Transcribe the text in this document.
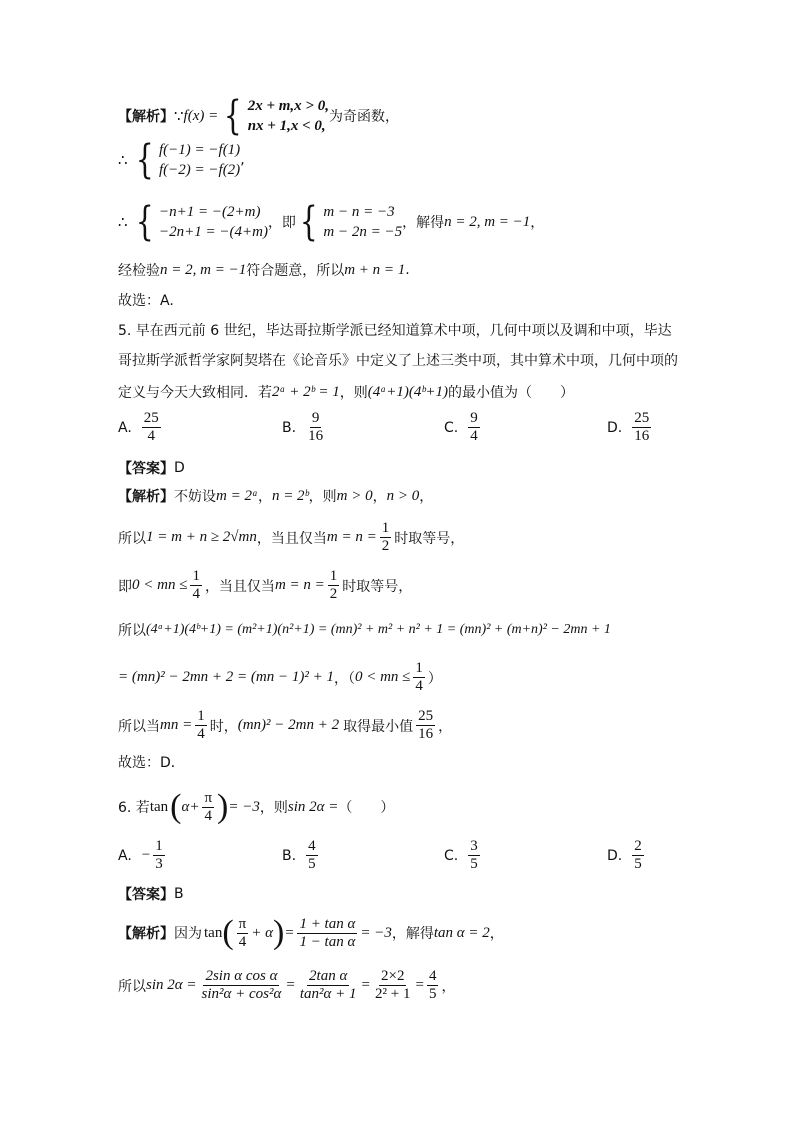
【解析】 ∵ f(x) = { 2x + m,x > 0,
nx + 1,x < 0,
为奇函数，
∴ { f(−1) = −f(1)
f(−2) = −f(2)
,
∴ { −n+1 = −(2+m)
−2n+1 = −(4+m)
，即 { m − n = −3
m − 2n = −5
，解得 n = 2, m = −1 ，
经检验 n = 2, m = −1 符合题意，所以 m + n = 1 .
故选：A.
5. 早在西元前 6 世纪，毕达哥拉斯学派已经知道算术中项，几何中项以及调和中项，毕达
哥拉斯学派哲学家阿契塔在《论音乐》中定义了上述三类中项，其中算术中项，几何中项的
定义与今天大致相同．若 2ᵃ + 2ᵇ = 1 ，则 (4ᵃ+1)(4ᵇ+1) 的最小值为（　　）
A. $\frac{25}{4}$	B. $\frac{9}{16}$	C. $\frac{9}{4}$	D. $\frac{25}{16}$
【答案】 D
【解析】 不妨设 m = 2ᵃ ， n = 2ᵇ ，则 m > 0 ， n > 0 ，
所以 1 = m + n ≥ 2√mn ，当且仅当 $m = n = \frac{1}{2}$ 时取等号，
即 0 < mn ≤ $\frac{1}{4}$ ，当且仅当 $m = n = \frac{1}{2}$ 时取等号，
所以 (4ᵃ+1)(4ᵇ+1) = (m²+1)(n²+1) = (mn)² + m² + n² + 1 = (mn)² + (m+n)² − 2mn + 1
= (mn)² − 2mn + 2 = (mn − 1)² + 1 ，（ 0 < mn ≤ $\frac{1}{4}$ ）
所以当 mn = $\frac{1}{4}$ 时， (mn)² − 2mn + 2 取得最小值 $\frac{25}{16}$ ，
故选：D．
6. 若 tan ( $\alpha+ \frac{\pi}{4}$ ) = −3 ，则 sin 2α = （　　）
A. − $\frac{1}{3}$	B. $\frac{4}{5}$	C. $\frac{3}{5}$	D. $\frac{2}{5}$
【答案】 B
【解析】 因为 tan ( $\frac{\pi}{4} + \alpha$ ) = $\frac{\text{1 + tan α}}{\text{1 − tan α}} = -3$ ，解得 tan α = 2 ，
所以 $\sin 2\alpha = \frac{\text{2sin α cos α}}{\text{sin²α + cos²α}} = \frac{\text{2tan α}}{\text{tan²α + 1}} = \frac{2\times 2}{\text{2² + 1}} = \frac{4}{5}$ ，
